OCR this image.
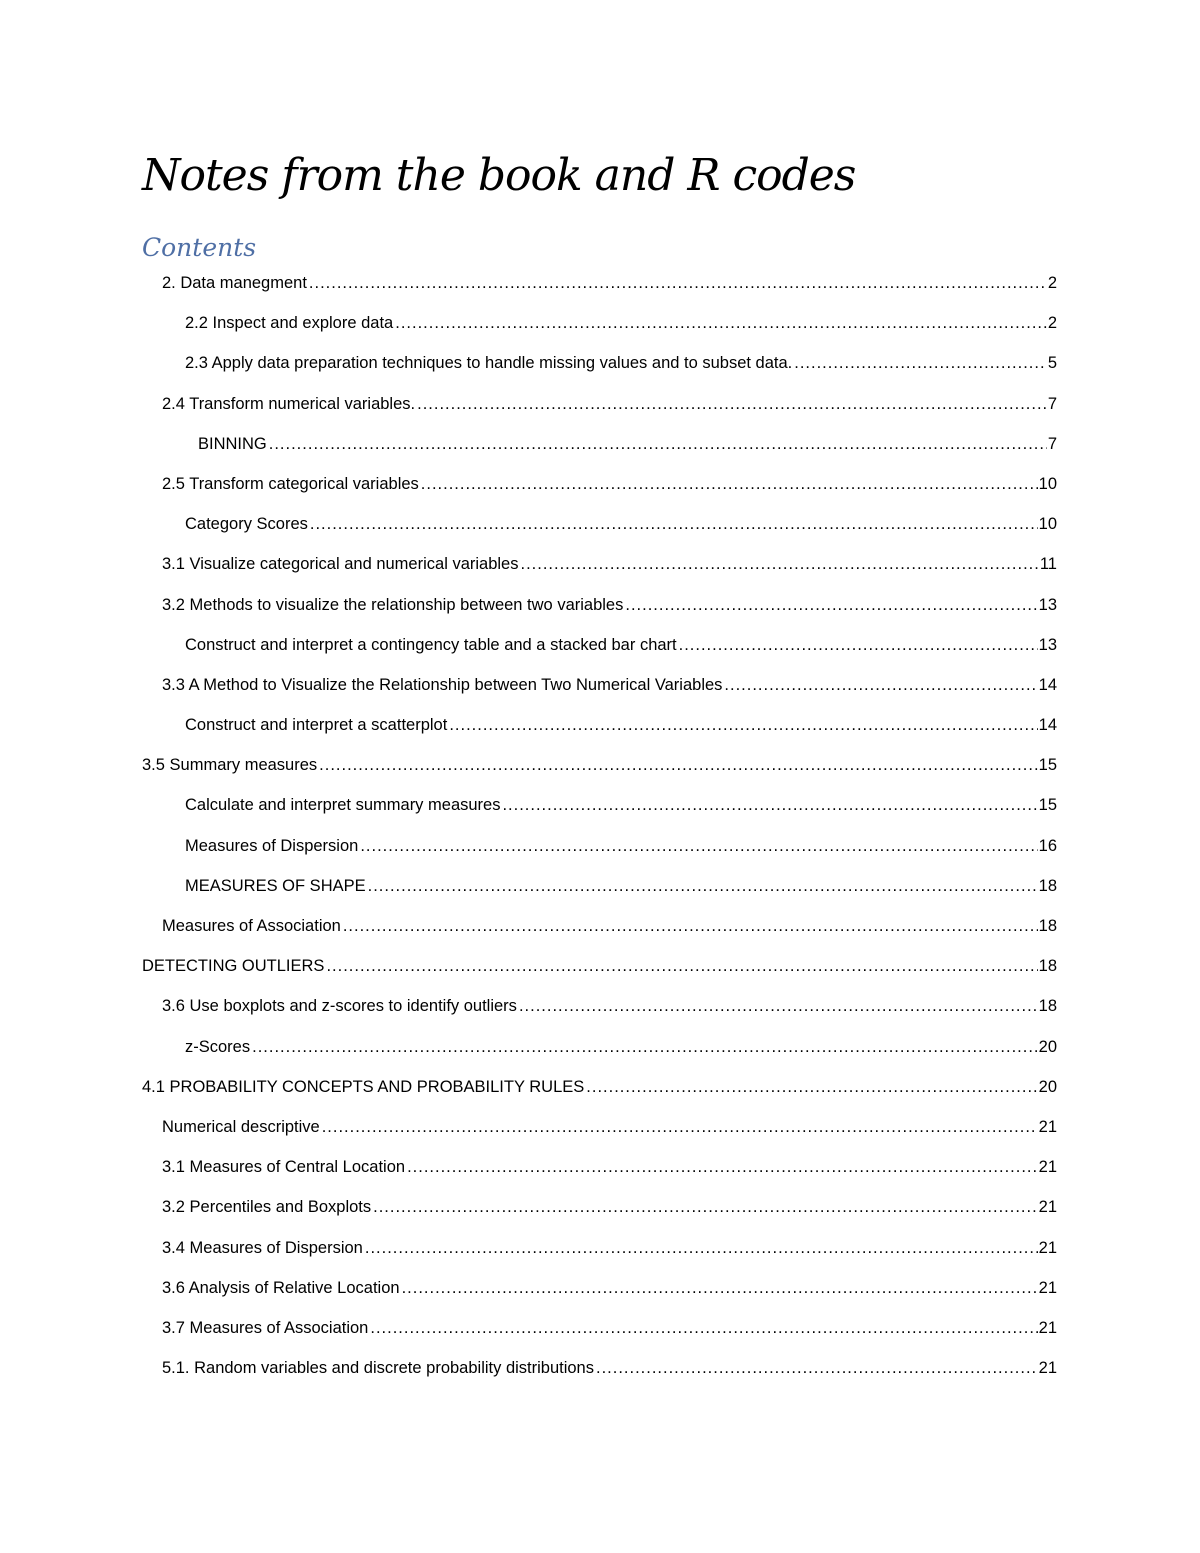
Notes from the book and R codes
Contents
2. Data manegment .....	2
2.2 Inspect and explore data .....	2
2.3 Apply data preparation techniques to handle missing values and to subset data. .....	5
2.4 Transform numerical variables. .....	7
BINNING .....	7
2.5 Transform categorical variables .....	10
Category Scores .....	10
3.1 Visualize categorical and numerical variables .....	11
3.2 Methods to visualize the relationship between two variables .....	13
Construct and interpret a contingency table and a stacked bar chart .....	13
3.3 A Method to Visualize the Relationship between Two Numerical Variables .....	14
Construct and interpret a scatterplot .....	14
3.5 Summary measures .....	15
Calculate and interpret summary measures .....	15
Measures of Dispersion .....	16
MEASURES OF SHAPE .....	18
Measures of Association .....	18
DETECTING OUTLIERS .....	18
3.6 Use boxplots and z-scores to identify outliers .....	18
z-Scores .....	20
4.1 PROBABILITY CONCEPTS AND PROBABILITY RULES .....	20
Numerical descriptive .....	21
3.1 Measures of Central Location .....	21
3.2 Percentiles and Boxplots .....	21
3.4 Measures of Dispersion .....	21
3.6 Analysis of Relative Location .....	21
3.7 Measures of Association .....	21
5.1. Random variables and discrete probability distributions .....	21
